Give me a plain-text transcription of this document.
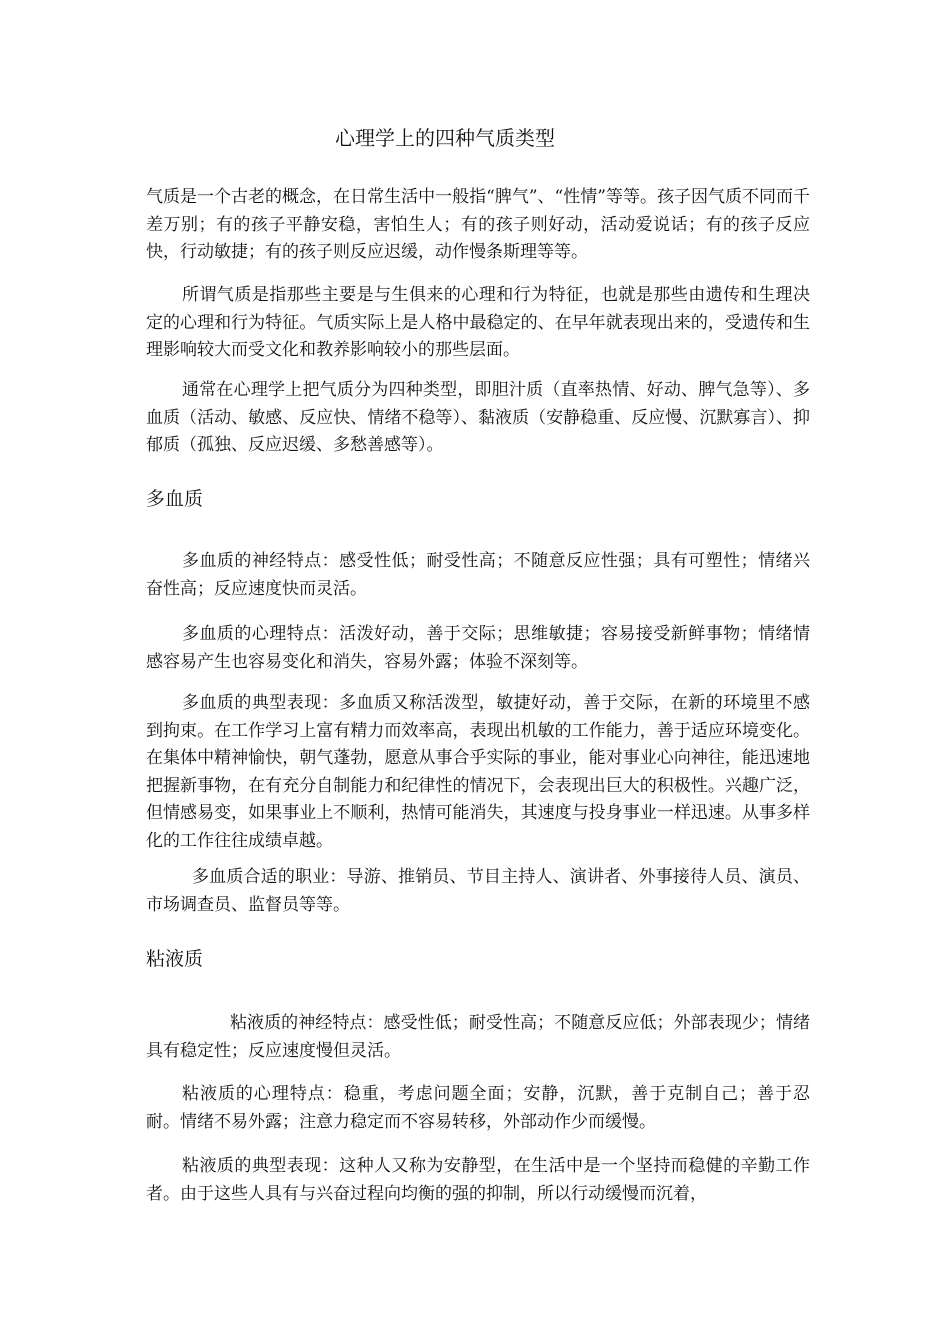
心理学上的四种气质类型

气质是一个古老的概念，在日常生活中一般指“脾气”、“性情”等等。孩子因气质不同而千差万别；有的孩子平静安稳，害怕生人；有的孩子则好动，活动爱说话；有的孩子反应快，行动敏捷；有的孩子则反应迟缓，动作慢条斯理等等。

所谓气质是指那些主要是与生俱来的心理和行为特征，也就是那些由遗传和生理决定的心理和行为特征。气质实际上是人格中最稳定的、在早年就表现出来的，受遗传和生理影响较大而受文化和教养影响较小的那些层面。

通常在心理学上把气质分为四种类型，即胆汁质（直率热情、好动、脾气急等）、多血质（活动、敏感、反应快、情绪不稳等）、黏液质（安静稳重、反应慢、沉默寡言）、抑郁质（孤独、反应迟缓、多愁善感等）。

多血质

多血质的神经特点：感受性低；耐受性高；不随意反应性强；具有可塑性；情绪兴奋性高；反应速度快而灵活。

多血质的心理特点：活泼好动，善于交际；思维敏捷；容易接受新鲜事物；情绪情感容易产生也容易变化和消失，容易外露；体验不深刻等。

多血质的典型表现：多血质又称活泼型，敏捷好动，善于交际，在新的环境里不感到拘束。在工作学习上富有精力而效率高，表现出机敏的工作能力，善于适应环境变化。在集体中精神愉快，朝气蓬勃，愿意从事合乎实际的事业，能对事业心向神往，能迅速地把握新事物，在有充分自制能力和纪律性的情况下，会表现出巨大的积极性。兴趣广泛，但情感易变，如果事业上不顺利，热情可能消失，其速度与投身事业一样迅速。从事多样化的工作往往成绩卓越。

多血质合适的职业：导游、推销员、节目主持人、演讲者、外事接待人员、演员、市场调查员、监督员等等。

粘液质

粘液质的神经特点：感受性低；耐受性高；不随意反应低；外部表现少；情绪具有稳定性；反应速度慢但灵活。

粘液质的心理特点：稳重，考虑问题全面；安静，沉默，善于克制自己；善于忍耐。情绪不易外露；注意力稳定而不容易转移，外部动作少而缓慢。

粘液质的典型表现：这种人又称为安静型，在生活中是一个坚持而稳健的辛勤工作者。由于这些人具有与兴奋过程向均衡的强的抑制，所以行动缓慢而沉着，
